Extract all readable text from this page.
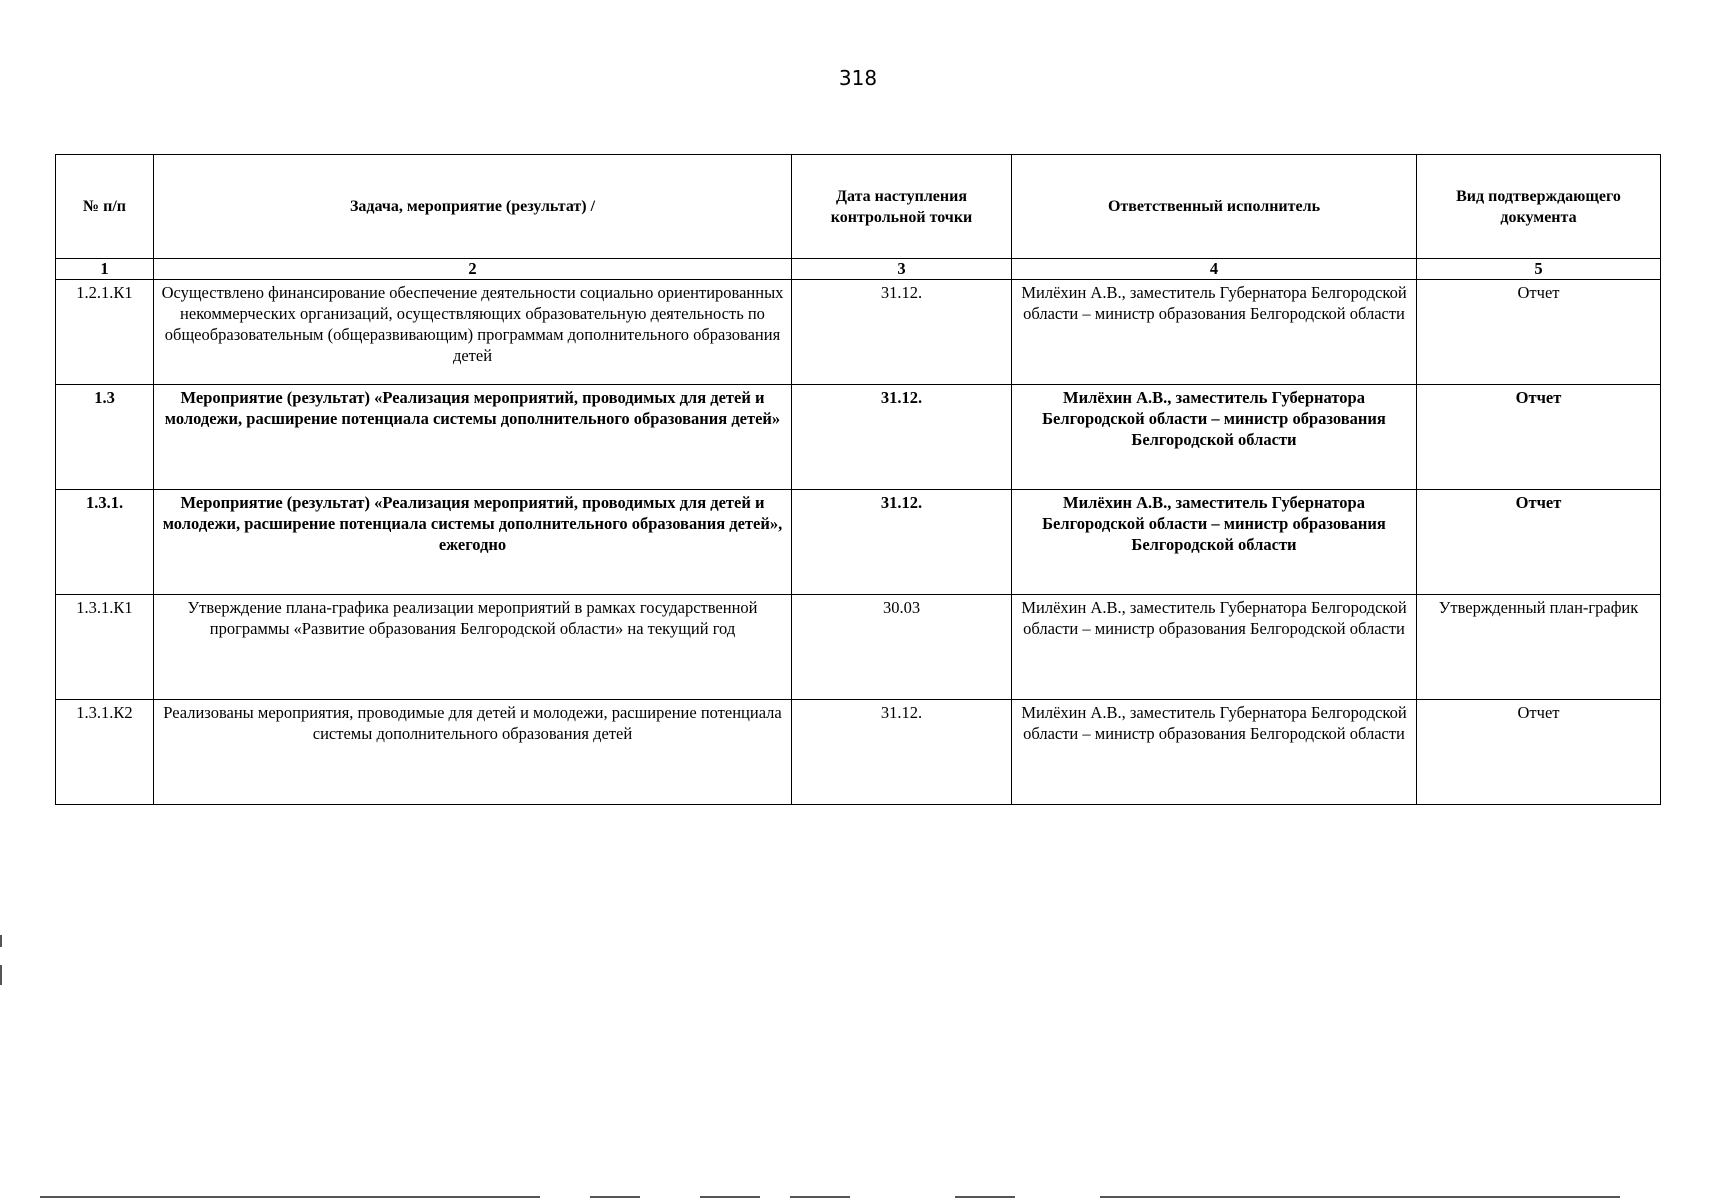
318
№ п/п	Задача, мероприятие (результат) /	Дата наступления контрольной точки	Ответственный исполнитель	Вид подтверждающего документа
1	2	3	4	5
1.2.1.К1	Осуществлено финансирование обеспечение деятельности социально ориентированных некоммерческих организаций, осуществляющих образовательную деятельность по общеобразовательным (общеразвивающим) программам дополнительного образования детей	31.12.	Милёхин А.В., заместитель Губернатора Белгородской области – министр образования Белгородской области	Отчет
1.3	Мероприятие (результат) «Реализация мероприятий, проводимых для детей и молодежи, расширение потенциала системы дополнительного образования детей»	31.12.	Милёхин А.В., заместитель Губернатора Белгородской области – министр образования Белгородской области	Отчет
1.3.1.	Мероприятие (результат) «Реализация мероприятий, проводимых для детей и молодежи, расширение потенциала системы дополнительного образования детей», ежегодно	31.12.	Милёхин А.В., заместитель Губернатора Белгородской области – министр образования Белгородской области	Отчет
1.3.1.К1	Утверждение плана-графика реализации мероприятий в рамках государственной программы «Развитие образования Белгородской области» на текущий год	30.03	Милёхин А.В., заместитель Губернатора Белгородской области – министр образования Белгородской области	Утвержденный план-график
1.3.1.К2	Реализованы мероприятия, проводимые для детей и молодежи, расширение потенциала системы дополнительного образования детей	31.12.	Милёхин А.В., заместитель Губернатора Белгородской области – министр образования Белгородской области	Отчет
